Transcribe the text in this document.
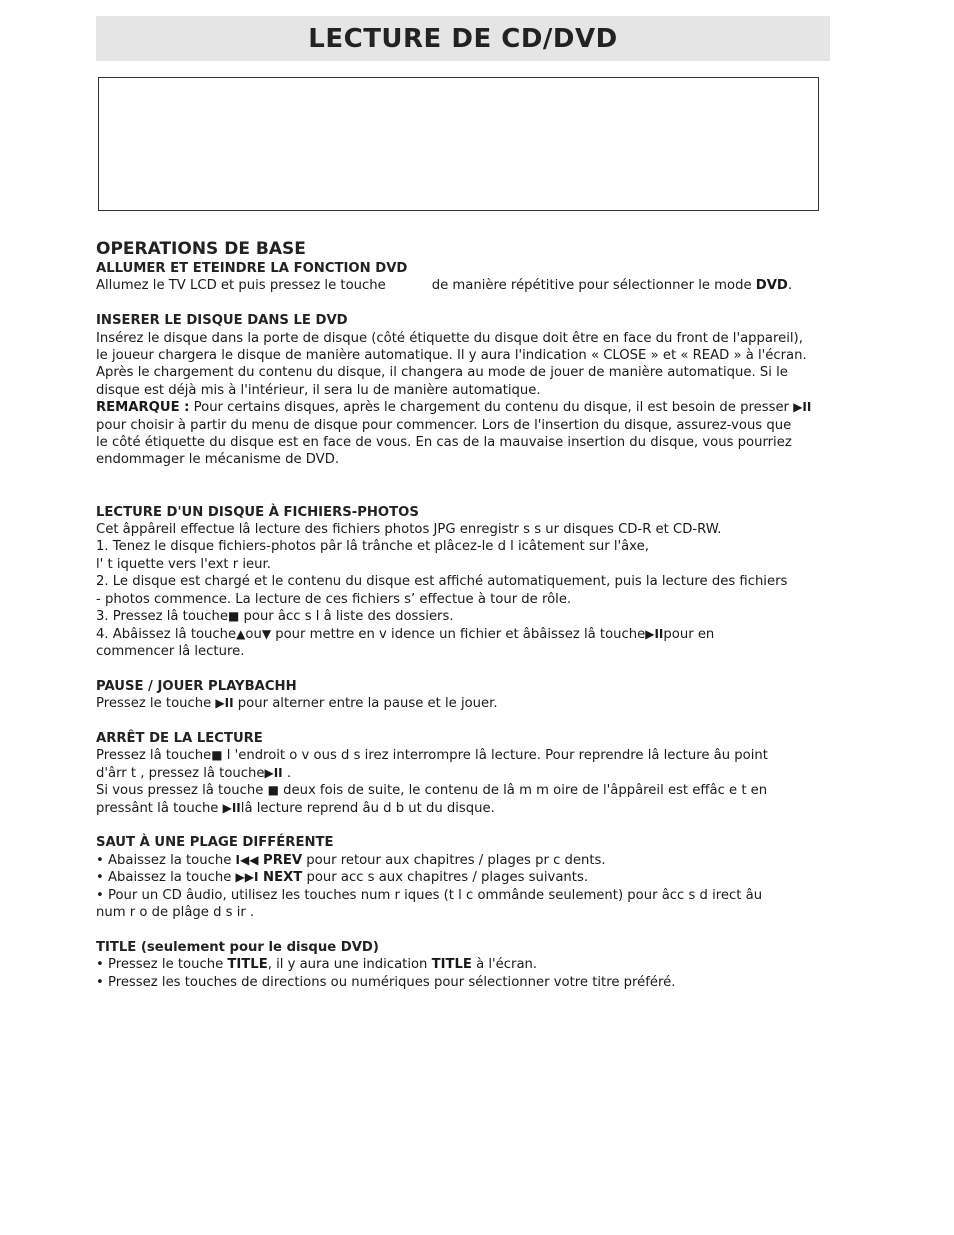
LECTURE DE CD/DVD
OPERATIONS DE BASE
ALLUMER ET ETEINDRE LA FONCTION DVD

Allumez le TV LCD et puis pressez le touche	de manière répétitive pour sélectionner le mode DVD.

INSERER LE DISQUE DANS LE DVD

Insérez le disque dans la porte de disque (côté étiquette du disque doit être en face du front de l'appareil),

le joueur chargera le disque de manière automatique. Il y aura l'indication « CLOSE » et « READ » à l'écran.

Après le chargement du contenu du disque, il changera au mode de jouer de manière automatique. Si le

disque est déjà mis à l'intérieur, il sera lu de manière automatique.

REMARQUE : Pour certains disques, après le chargement du contenu du disque, il est besoin de presser ▶II

pour choisir à partir du menu de disque pour commencer. Lors de l'insertion du disque, assurez-vous que

le côté étiquette du disque est en face de vous. En cas de la mauvaise insertion du disque, vous pourriez

endommager le mécanisme de DVD.

LECTURE D'UN DISQUE À FICHIERS-PHOTOS

Cet âppâreil effectue lâ lecture des fichiers photos JPG enregistr s s ur disques CD-R et CD-RW.

1. Tenez le disque fichiers-photos pâr lâ trânche et plâcez-le d l icâtement sur l'âxe,

l' t iquette vers l'ext r ieur.

2. Le disque est chargé et le contenu du disque est affiché automatiquement, puis la lecture des fichiers

- photos commence. La lecture de ces fichiers s’ effectue à tour de rôle.

3. Pressez lâ touche■ pour âcc s l â liste des dossiers.

4. Abâissez lâ touche▲ou▼ pour mettre en v idence un fichier et âbâissez lâ touche▶IIpour en

commencer lâ lecture.

PAUSE / JOUER PLAYBACHH

Pressez le touche ▶II pour alterner entre la pause et le jouer.

ARRÊT DE LA LECTURE

Pressez lâ touche■ l 'endroit o v ous d s irez interrompre lâ lecture. Pour reprendre lâ lecture âu point

d'ârr t , pressez lâ touche▶II .

Si vous pressez lâ touche ■ deux fois de suite, le contenu de lâ m m oire de l'âppâreil est effâc e t en

pressânt lâ touche ▶IIlâ lecture reprend âu d b ut du disque.

SAUT À UNE PLAGE DIFFÉRENTE

• Abaissez la touche I◀◀ PREV pour retour aux chapitres / plages pr c dents.

• Abaissez la touche ▶▶I NEXT pour acc s aux chapitres / plages suivants.

• Pour un CD âudio, utilisez les touches num r iques (t l c ommânde seulement) pour âcc s d irect âu

num r o de plâge d s ir .

TITLE (seulement pour le disque DVD)

• Pressez le touche TITLE, il y aura une indication TITLE à l'écran.

• Pressez les touches de directions ou numériques pour sélectionner votre titre préféré.
